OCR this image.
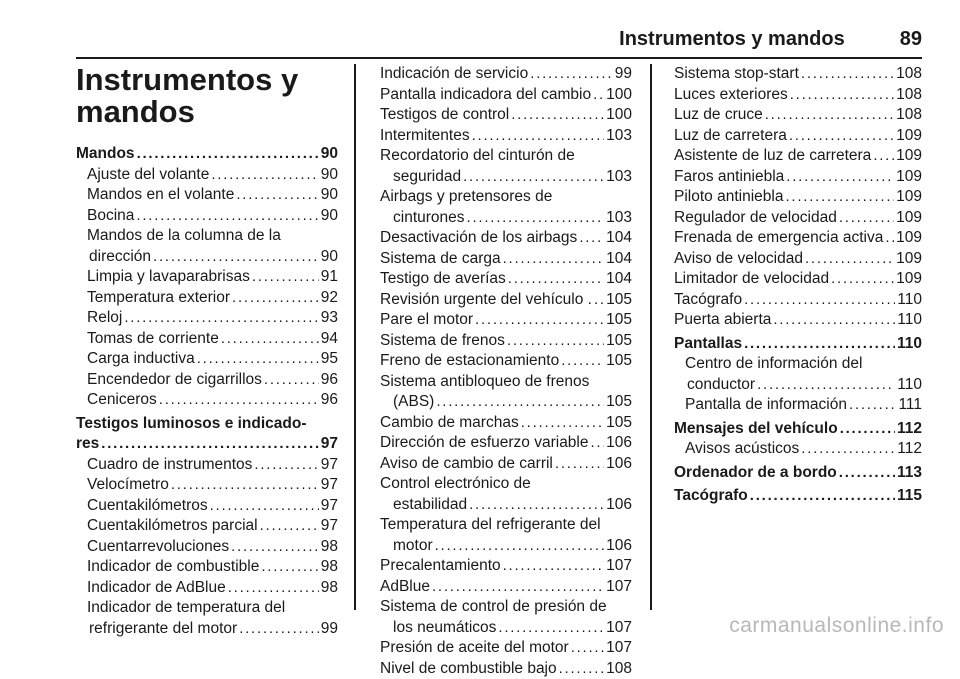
Instrumentos y mandos	89
Instrumentos y mandos
Mandos . . .	90
Ajuste del volante . . .	90
Mandos en el volante . . .	90
Bocina . . .	90
Mandos de la columna de la
dirección . . .	90
Limpia y lavaparabrisas . . .	91
Temperatura exterior . . .	92
Reloj . . .	93
Tomas de corriente . . .	94
Carga inductiva . . .	95
Encendedor de cigarrillos . . .	96
Ceniceros . . .	96
Testigos luminosos e indicado-
res . . .	97
Cuadro de instrumentos . . .	97
Velocímetro . . .	97
Cuentakilómetros . . .	97
Cuentakilómetros parcial . . .	97
Cuentarrevoluciones . . .	98
Indicador de combustible . . .	98
Indicador de AdBlue . . .	98
Indicador de temperatura del
refrigerante del motor . . .	99
Indicación de servicio . . .	99
Pantalla indicadora del cambio . . . 100
Testigos de control . . .	100
Intermitentes . . .	103
Recordatorio del cinturón de
seguridad . . .	103
Airbags y pretensores de
cinturones . . .	103
Desactivación de los airbags . . . 104
Sistema de carga . . .	104
Testigo de averías . . .	104
Revisión urgente del vehículo . . . . 105
Pare el motor . . .	105
Sistema de frenos . . .	105
Freno de estacionamiento . . .	105
Sistema antibloqueo de frenos
(ABS) . . .	105
Cambio de marchas . . .	105
Dirección de esfuerzo variable . . . 106
Aviso de cambio de carril . . .	106
Control electrónico de
estabilidad . . .	106
Temperatura del refrigerante del
motor . . .	106
Precalentamiento . . .	107
AdBlue . . .	107
Sistema de control de presión de
los neumáticos . . .	107
Presión de aceite del motor . . . 107
Nivel de combustible bajo . . .	108
Sistema stop-start . . .	108
Luces exteriores . . .	108
Luz de cruce . . .	108
Luz de carretera . . .	109
Asistente de luz de carretera . . . 109
Faros antiniebla . . .	109
Piloto antiniebla . . .	109
Regulador de velocidad . . .	109
Frenada de emergencia activa . . . 109
Aviso de velocidad . . .	109
Limitador de velocidad . . .	109
Tacógrafo . . .	110
Puerta abierta . . .	110
Pantallas . . .	110
Centro de información del
conductor . . .	110
Pantalla de información . . .	111
Mensajes del vehículo . . .	112
Avisos acústicos . . .	112
Ordenador de a bordo . . .	113
Tacógrafo . . .	115
carmanualsonline.info
